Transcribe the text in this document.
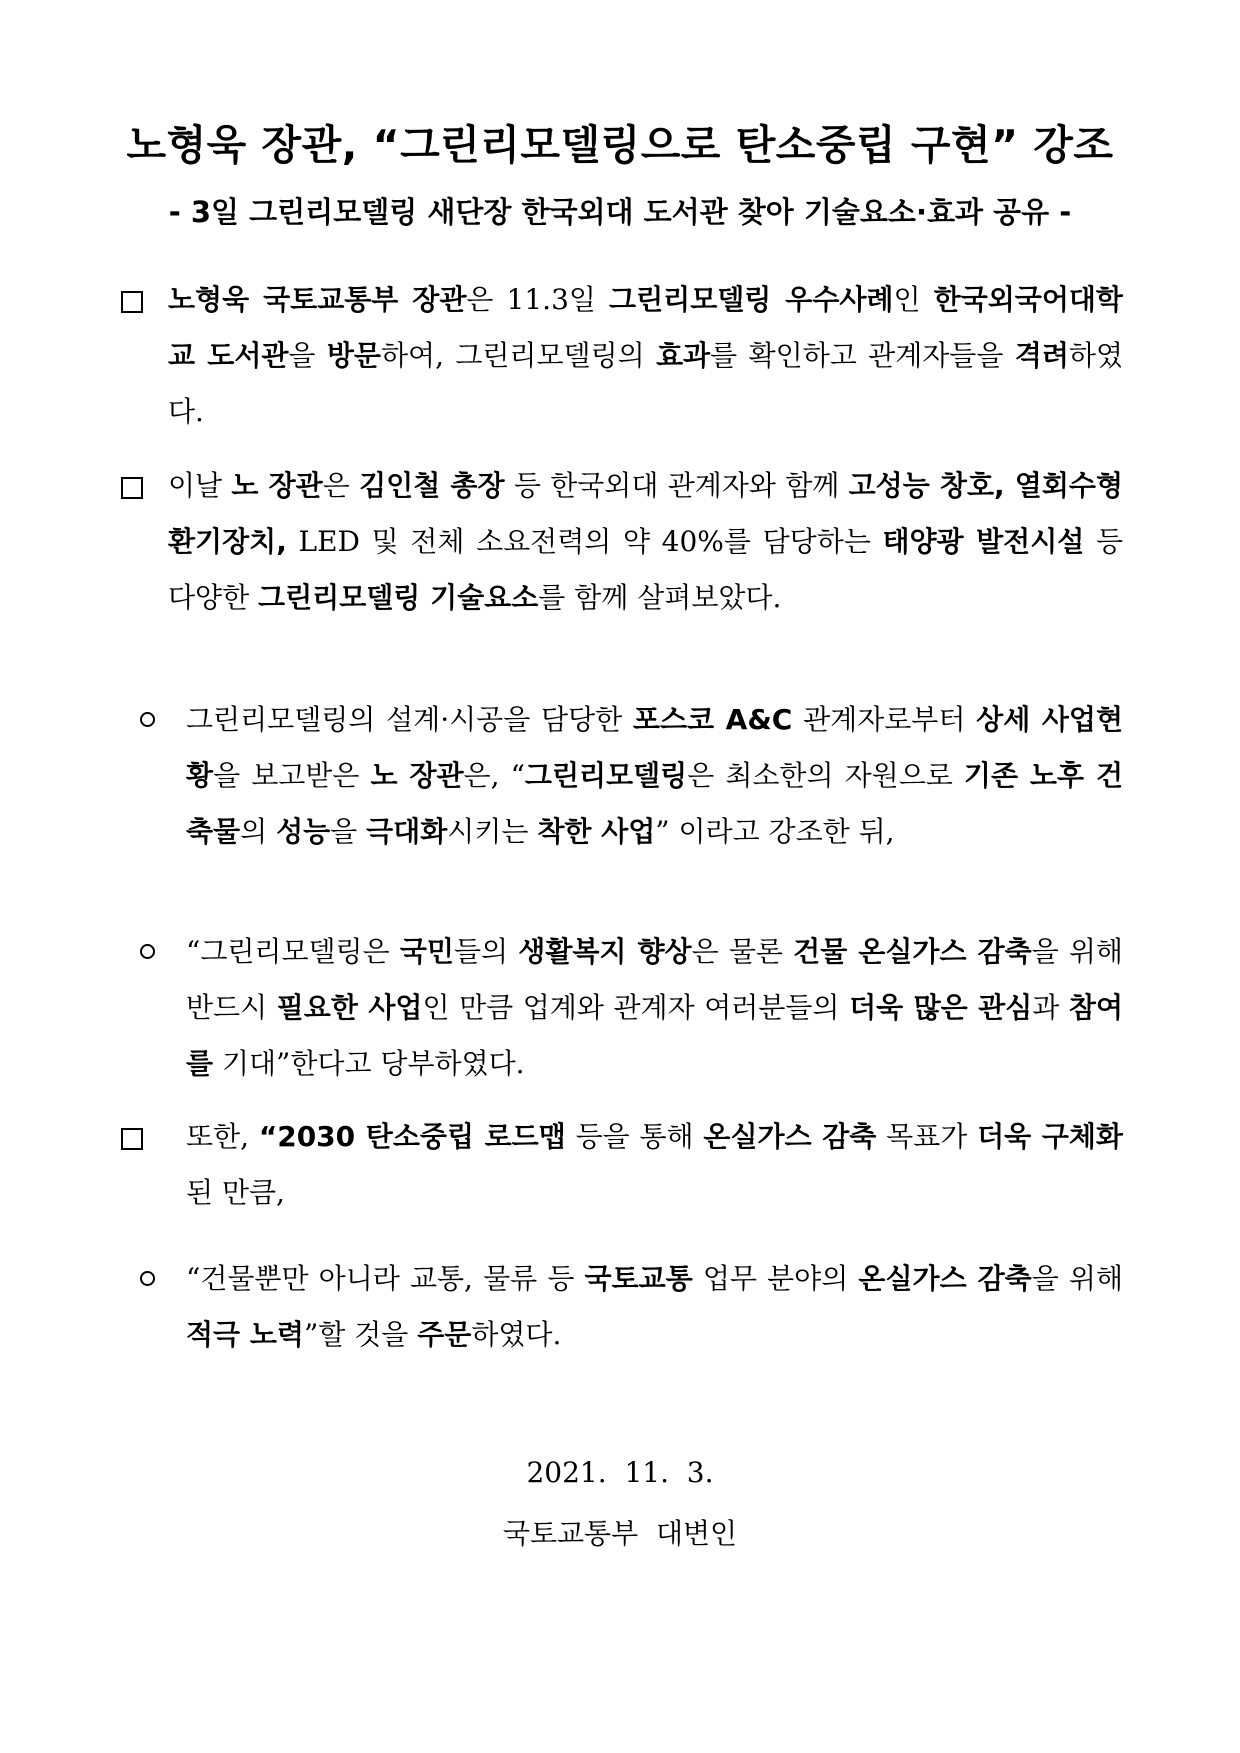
노형욱 장관, “그린리모델링으로 탄소중립 구현” 강조
- 3일 그린리모델링 새단장 한국외대 도서관 찾아 기술요소·효과 공유 -
노형욱 국토교통부 장관은 11.3일 그린리모델링 우수사례인 한국외국어대학교 도서관을 방문하여, 그린리모델링의 효과를 확인하고 관계자들을 격려하였다.
이날 노 장관은 김인철 총장 등 한국외대 관계자와 함께 고성능 창호, 열회수형 환기장치, LED 및 전체 소요전력의 약 40%를 담당하는 태양광 발전시설 등 다양한 그린리모델링 기술요소를 함께 살펴보았다.
그린리모델링의 설계·시공을 담당한 포스코 A&C 관계자로부터 상세 사업현황을 보고받은 노 장관은, “그린리모델링은 최소한의 자원으로 기존 노후 건축물의 성능을 극대화시키는 착한 사업” 이라고 강조한 뒤,
“그린리모델링은 국민들의 생활복지 향상은 물론 건물 온실가스 감축을 위해 반드시 필요한 사업인 만큼 업계와 관계자 여러분들의 더욱 많은 관심과 참여를 기대”한다고 당부하였다.
또한, “2030 탄소중립 로드맵 등을 통해 온실가스 감축 목표가 더욱 구체화 된 만큼,
“건물뿐만 아니라 교통, 물류 등 국토교통 업무 분야의 온실가스 감축을 위해 적극 노력”할 것을 주문하였다.
2021.  11.  3.
국토교통부  대변인
